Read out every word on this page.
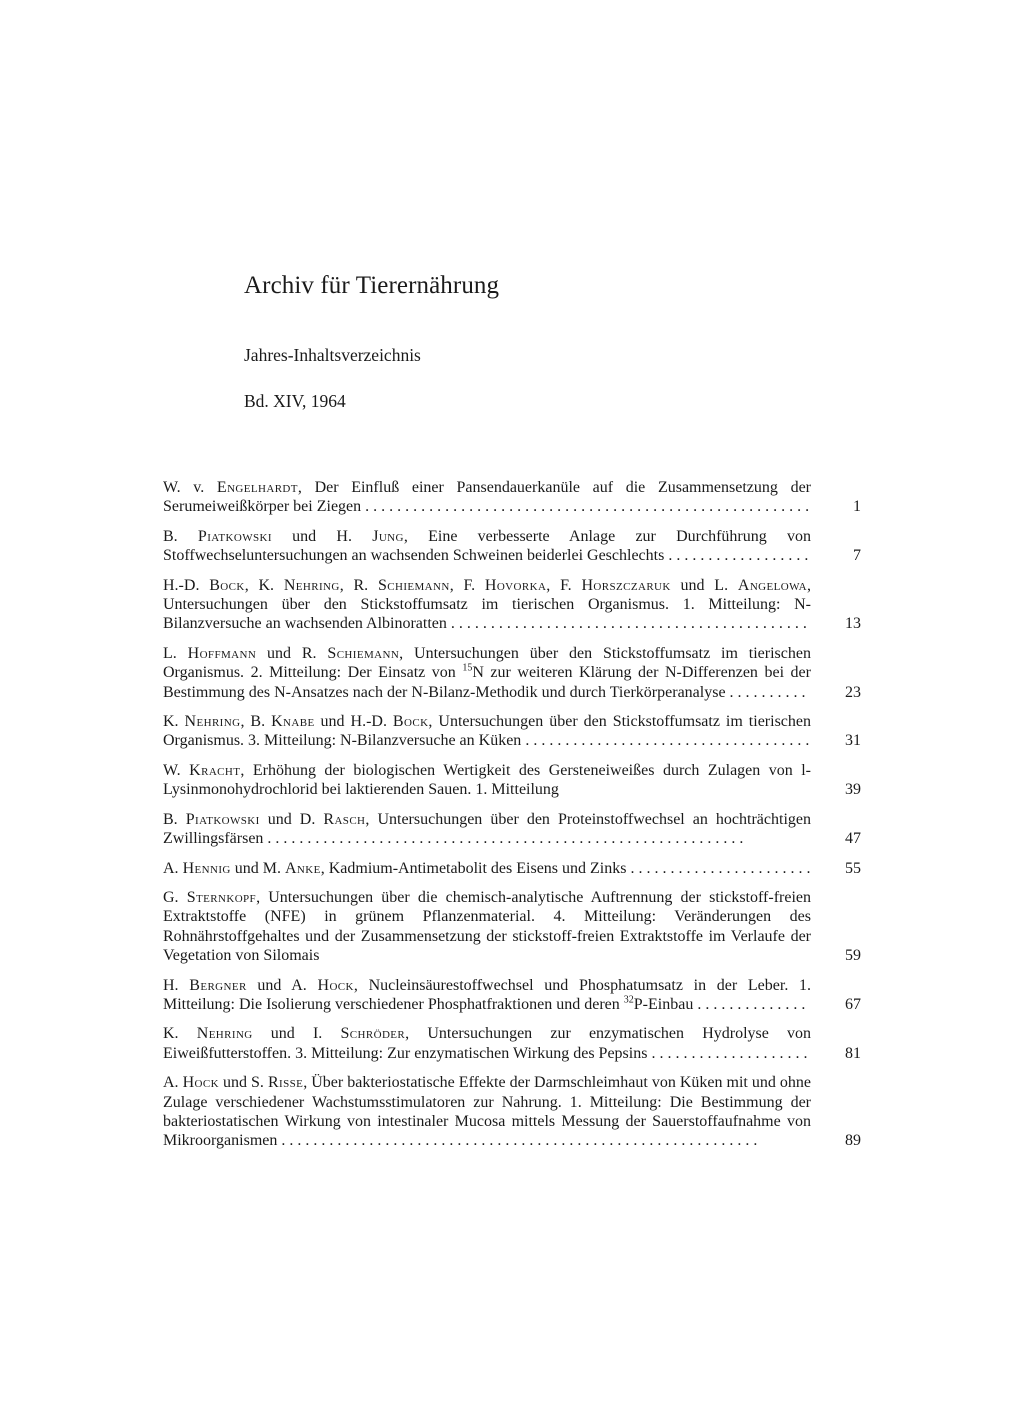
Archiv für Tierernährung
Jahres-Inhaltsverzeichnis
Bd. XIV, 1964
W. v. Engelhardt, Der Einfluß einer Pansendauerkanüle auf die Zusammensetzung der Serumeiweißkörper bei Ziegen . . . . . . . . . . . . . . . . . . . . . . . . . . . . . . . . . . . . . . . . . . . . . . . . . . . . . . . .	1
B. Piatkowski und H. Jung, Eine verbesserte Anlage zur Durchführung von Stoffwechseluntersuchungen an wachsenden Schweinen beiderlei Geschlechts . . . . . . . . . . . . . . . . . .	7
H.-D. Bock, K. Nehring, R. Schiemann, F. Hovorka, F. Horszczaruk und L. Angelowa, Untersuchungen über den Stickstoffumsatz im tierischen Organismus. 1. Mitteilung: N-Bilanzversuche an wachsenden Albinoratten . . . . . . . . . . . . . . . . . . . . . . . . . . . . . . . . . . . . . . . . . . . . .	13
L. Hoffmann und R. Schiemann, Untersuchungen über den Stickstoffumsatz im tierischen Organismus. 2. Mitteilung: Der Einsatz von $^{15}$N zur weiteren Klärung der N-Differenzen bei der Bestimmung des N-Ansatzes nach der N-Bilanz-Methodik und durch Tierkörperanalyse . . . . . . . . . .	23
K. Nehring, B. Knabe und H.-D. Bock, Untersuchungen über den Stickstoffumsatz im tierischen Organismus. 3. Mitteilung: N-Bilanzversuche an Küken . . . . . . . . . . . . . . . . . . . . . . . . . . . . . . . . . . . .	31
W. Kracht, Erhöhung der biologischen Wertigkeit des Gersteneiweißes durch Zulagen von l-Lysinmonohydrochlorid bei laktierenden Sauen. 1. Mitteilung	39
B. Piatkowski und D. Rasch, Untersuchungen über den Proteinstoffwechsel an hochträchtigen Zwillingsfärsen . . . . . . . . . . . . . . . . . . . . . . . . . . . . . . . . . . . . . . . . . . . . . . . . . . . . . . . . . . . .	47
A. Hennig und M. Anke, Kadmium-Antimetabolit des Eisens und Zinks . . . . . . . . . . . . . . . . . . . . . . .	55
G. Sternkopf, Untersuchungen über die chemisch-analytische Auftrennung der stickstoff-freien Extraktstoffe (NFE) in grünem Pflanzenmaterial. 4. Mitteilung: Veränderungen des Rohnährstoffgehaltes und der Zusammensetzung der stickstoff-freien Extraktstoffe im Verlaufe der Vegetation von Silomais	59
H. Bergner und A. Hock, Nucleinsäurestoffwechsel und Phosphatumsatz in der Leber. 1. Mitteilung: Die Isolierung verschiedener Phosphatfraktionen und deren $^{32}$P-Einbau . . . . . . . . . . . . . .	67
K. Nehring und I. Schröder, Untersuchungen zur enzymatischen Hydrolyse von Eiweißfutterstoffen. 3. Mitteilung: Zur enzymatischen Wirkung des Pepsins . . . . . . . . . . . . . . . . . . . .	81
A. Hock und S. Risse, Über bakteriostatische Effekte der Darmschleimhaut von Küken mit und ohne Zulage verschiedener Wachstumsstimulatoren zur Nahrung. 1. Mitteilung: Die Bestimmung der bakteriostatischen Wirkung von intestinaler Mucosa mittels Messung der Sauerstoffaufnahme von Mikroorganismen . . . . . . . . . . . . . . . . . . . . . . . . . . . . . . . . . . . . . . . . . . . . . . . . . . . . . . . . . . . .	89
